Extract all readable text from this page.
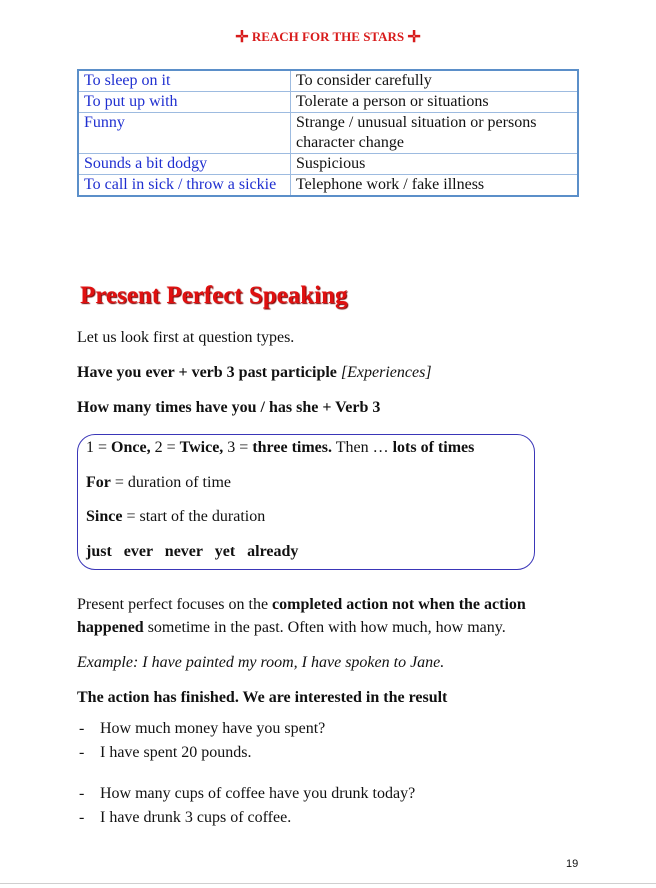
✛ REACH FOR THE STARS ✛
To sleep on it	To consider carefully
To put up with	Tolerate a person or situations
Funny	Strange / unusual situation or persons character change
Sounds a bit dodgy	Suspicious
To call in sick / throw a sickie	Telephone work / fake illness
Present Perfect Speaking
Let us look first at question types.
Have you ever + verb 3 past participle [Experiences]
How many times have you / has she + Verb 3
1 = Once, 2 = Twice, 3 = three times. Then … lots of times
For = duration of time
Since = start of the duration
just   ever   never   yet   already
Present perfect focuses on the completed action not when the action happened sometime in the past. Often with how much, how many.
Example: I have painted my room, I have spoken to Jane.
The action has finished. We are interested in the result
- How much money have you spent?
- I have spent 20 pounds.
- How many cups of coffee have you drunk today?
- I have drunk 3 cups of coffee.
19
